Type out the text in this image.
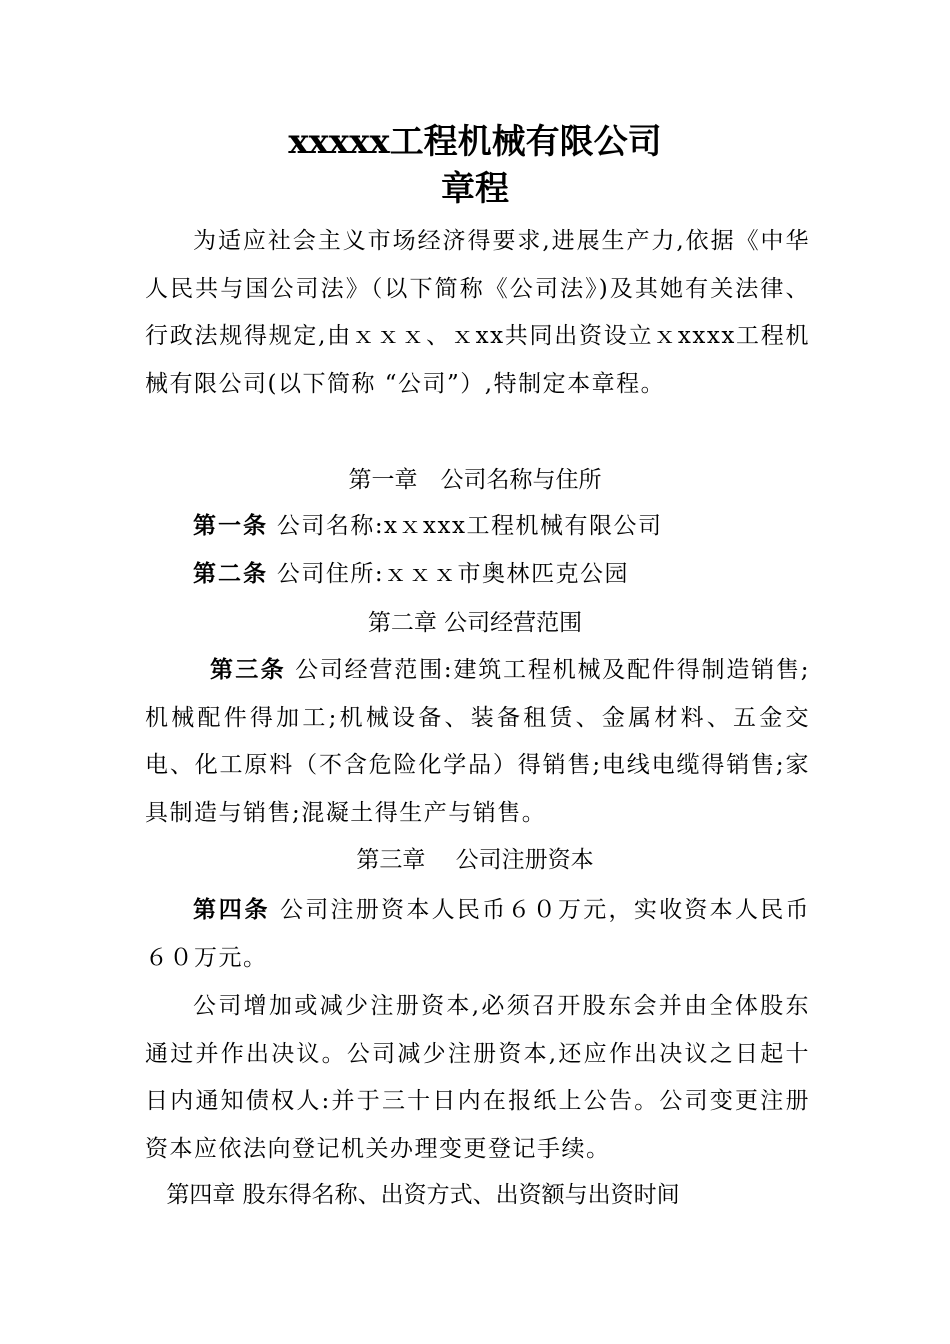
xxxxx工程机械有限公司
章程
为适应社会主义市场经济得要求,进展生产力,依据《中华人民共与国公司法》（以下简称《公司法》)及其她有关法律、行政法规得规定,由ｘｘｘ、ｘxx共同出资设立ｘxxxx工程机械有限公司(以下简称 “公司”）,特制定本章程。
第一章　公司名称与住所
第一条 公司名称:xｘxxx工程机械有限公司
第二条 公司住所:ｘｘｘ市奥林匹克公园
第二章 公司经营范围
第三条 公司经营范围:建筑工程机械及配件得制造销售; 机械配件得加工;机械设备、装备租赁、金属材料、五金交电、化工原料（不含危险化学品）得销售;电线电缆得销售;家具制造与销售;混凝土得生产与销售。
第三章　 公司注册资本
第四条 公司注册资本人民币６０万元，实收资本人民币６０万元。
公司增加或减少注册资本,必须召开股东会并由全体股东通过并作出决议。公司减少注册资本,还应作出决议之日起十日内通知债权人:并于三十日内在报纸上公告。公司变更注册资本应依法向登记机关办理变更登记手续。
第四章 股东得名称、出资方式、出资额与出资时间
